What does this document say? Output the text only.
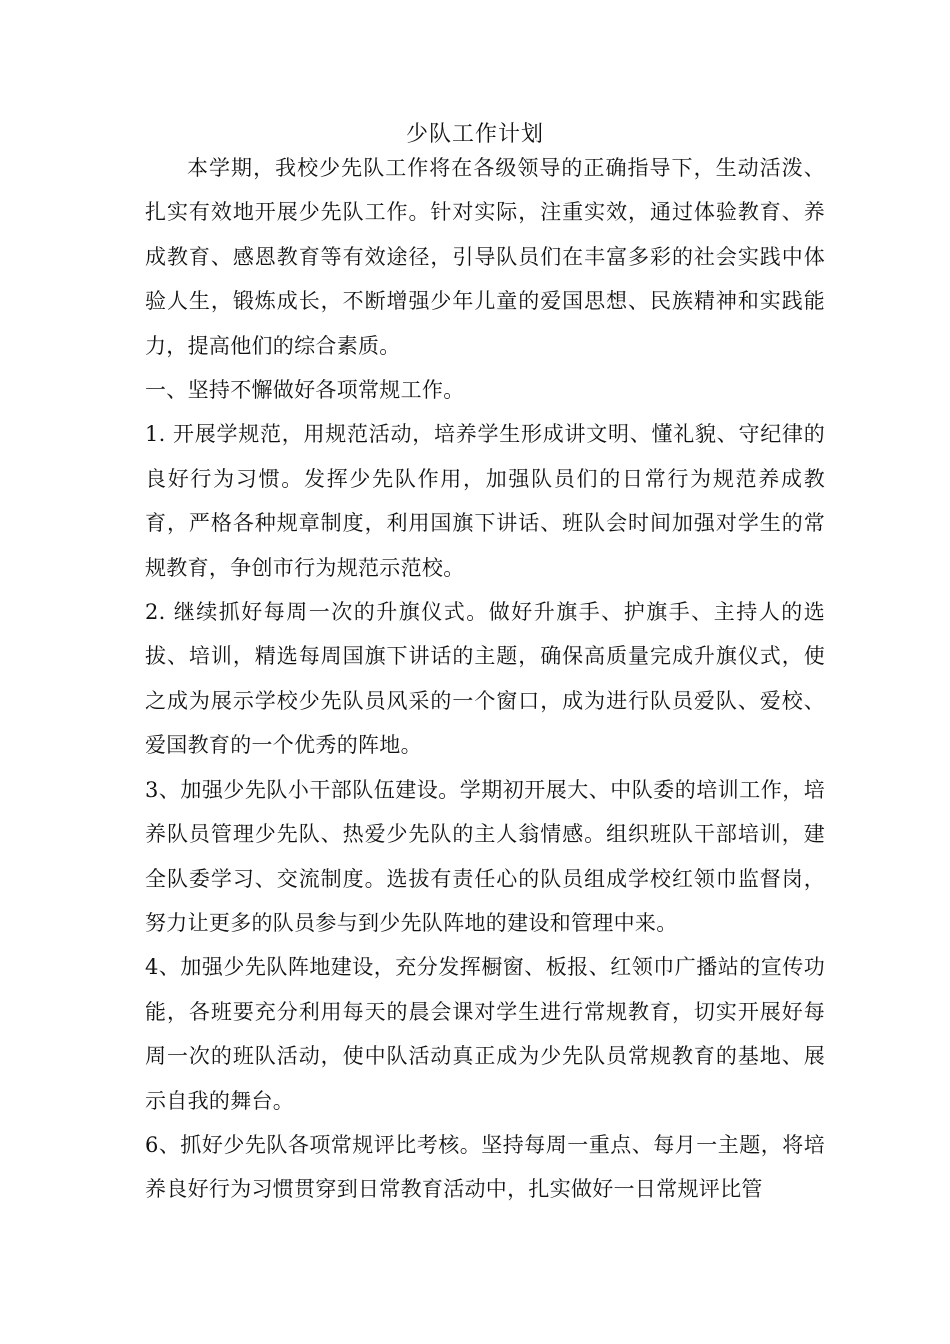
少队工作计划

本学期，我校少先队工作将在各级领导的正确指导下，生动活泼、扎实有效地开展少先队工作。针对实际，注重实效，通过体验教育、养成教育、感恩教育等有效途径，引导队员们在丰富多彩的社会实践中体验人生，锻炼成长，不断增强少年儿童的爱国思想、民族精神和实践能力，提高他们的综合素质。

一、坚持不懈做好各项常规工作。

1. 开展学规范，用规范活动，培养学生形成讲文明、懂礼貌、守纪律的良好行为习惯。发挥少先队作用，加强队员们的日常行为规范养成教育，严格各种规章制度，利用国旗下讲话、班队会时间加强对学生的常规教育，争创市行为规范示范校。

2. 继续抓好每周一次的升旗仪式。做好升旗手、护旗手、主持人的选拔、培训，精选每周国旗下讲话的主题，确保高质量完成升旗仪式，使之成为展示学校少先队员风采的一个窗口，成为进行队员爱队、爱校、爱国教育的一个优秀的阵地。

3、加强少先队小干部队伍建设。学期初开展大、中队委的培训工作，培养队员管理少先队、热爱少先队的主人翁情感。组织班队干部培训，建全队委学习、交流制度。选拔有责任心的队员组成学校红领巾监督岗，努力让更多的队员参与到少先队阵地的建设和管理中来。

4、加强少先队阵地建设，充分发挥橱窗、板报、红领巾广播站的宣传功能，各班要充分利用每天的晨会课对学生进行常规教育，切实开展好每周一次的班队活动，使中队活动真正成为少先队员常规教育的基地、展示自我的舞台。

6、抓好少先队各项常规评比考核。坚持每周一重点、每月一主题，将培养良好行为习惯贯穿到日常教育活动中，扎实做好一日常规评比管
